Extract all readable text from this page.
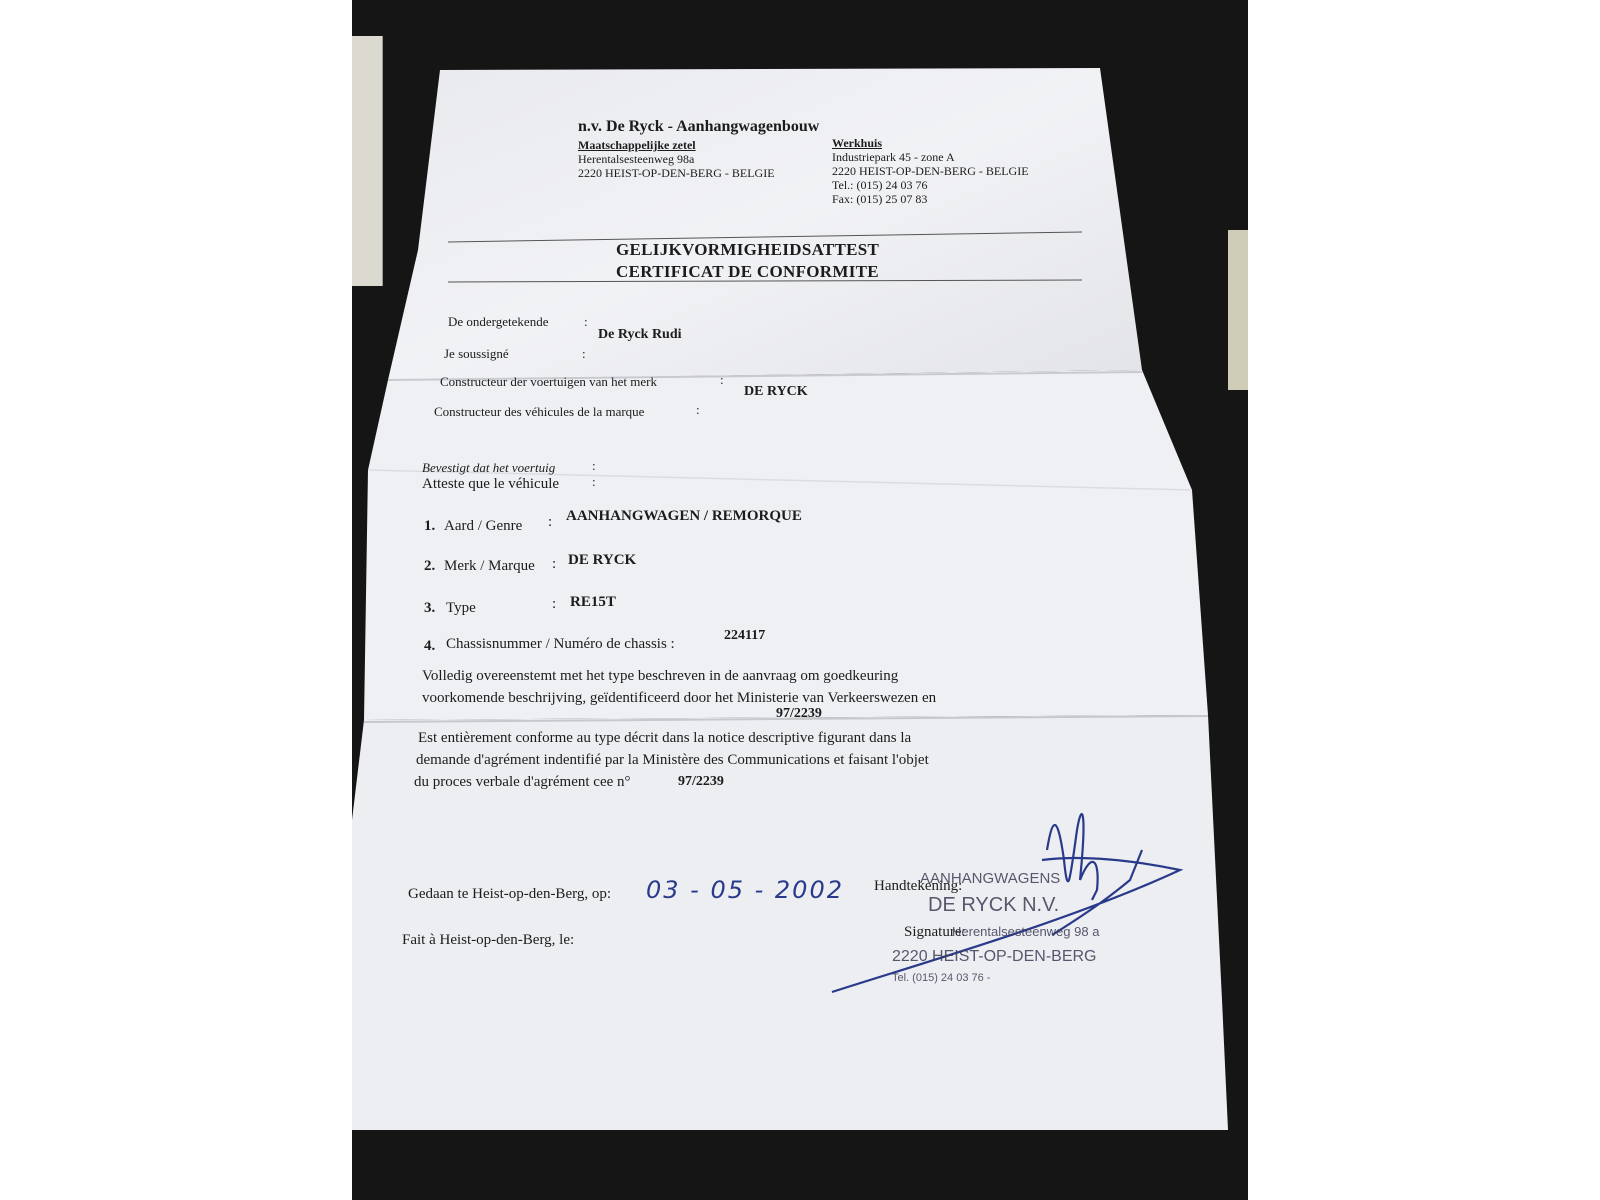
n.v. De Ryck - Aanhangwagenbouw
Maatschappelijke zetel
Herentalsesteenweg 98a
2220 HEIST-OP-DEN-BERG - BELGIE
Werkhuis
Industriepark 45 - zone A
2220 HEIST-OP-DEN-BERG - BELGIE
Tel.: (015) 24 03 76
Fax: (015) 25 07 83
GELIJKVORMIGHEIDSATTEST
CERTIFICAT DE CONFORMITE
De ondergetekende	:
De Ryck Rudi
Je soussigné	:
Constructeur der voertuigen van het merk	:
DE RYCK
Constructeur des véhicules de la marque	:
Bevestigt dat het voertuig	:
Atteste que le véhicule	:
1. Aard / Genre : AANHANGWAGEN / REMORQUE
2. Merk / Marque : DE RYCK
3. Type	: RE15T
4. Chassisnummer / Numéro de chassis :
224117
Volledig overeenstemt met het type beschreven in de aanvraag om goedkeuring
voorkomende beschrijving, geïdentificeerd door het Ministerie van Verkeerswezen en
97/2239
Est entièrement conforme au type décrit dans la notice descriptive figurant dans la
demande d'agrément indentifié par la Ministère des Communications et faisant l'objet
du proces verbale d'agrément cee n°	97/2239
Gedaan te Heist-op-den-Berg, op: 03 - 05 - 2002
Fait à Heist-op-den-Berg, le:
Handtekening:
Signature:
AANHANGWAGENS
DE RYCK N.V.
Herentalsesteenweg 98 a
2220 HEIST-OP-DEN-BERG
Tel. (015) 24 03 76 -
